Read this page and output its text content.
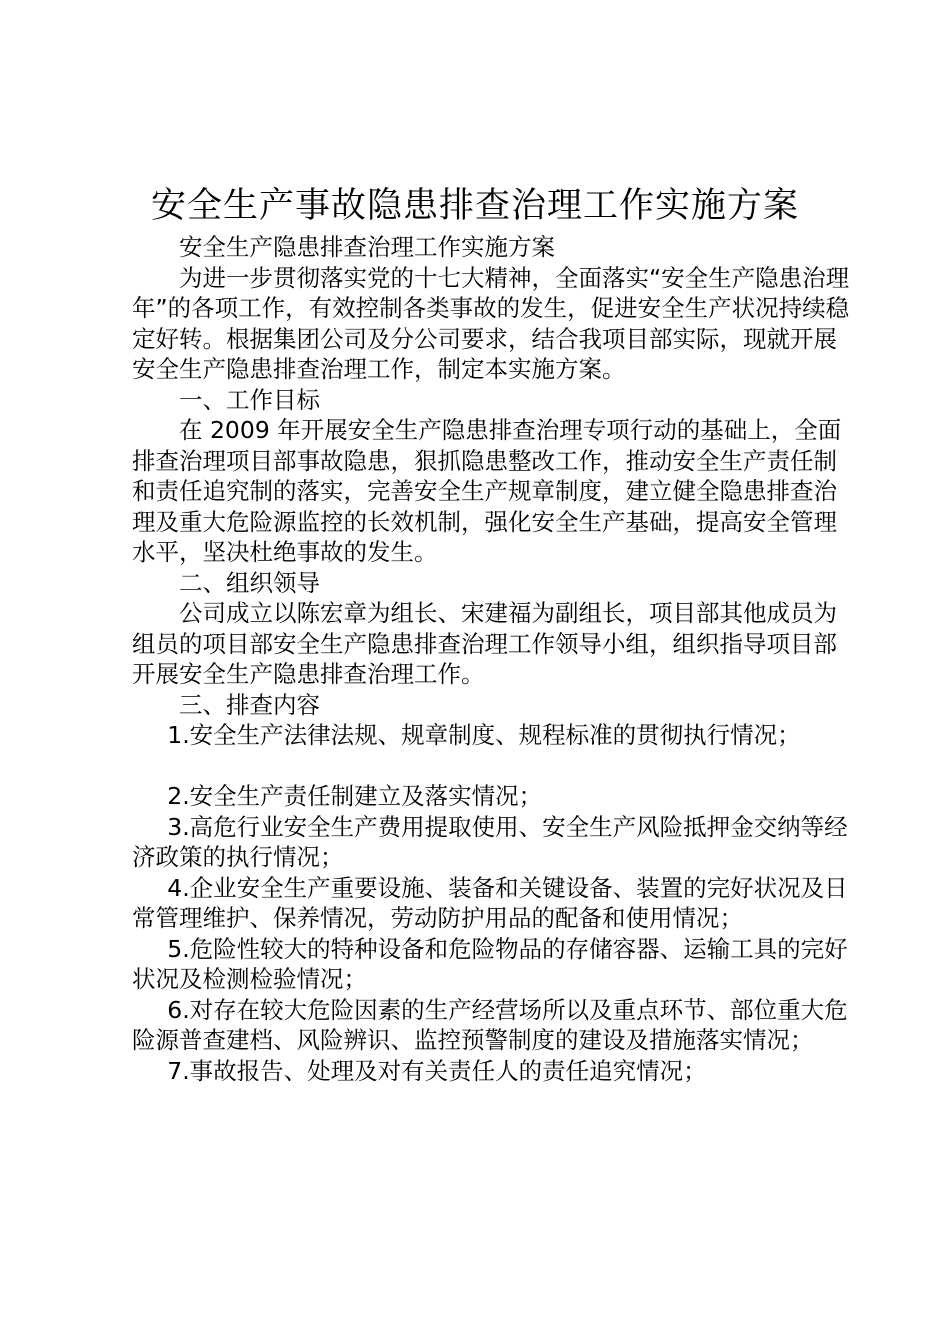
安全生产事故隐患排查治理工作实施方案

安全生产隐患排查治理工作实施方案

为进一步贯彻落实党的十七大精神，全面落实“安全生产隐患治理年”的各项工作，有效控制各类事故的发生，促进安全生产状况持续稳定好转。根据集团公司及分公司要求，结合我项目部实际，现就开展安全生产隐患排查治理工作，制定本实施方案。

一、工作目标

在 2009 年开展安全生产隐患排查治理专项行动的基础上，全面排查治理项目部事故隐患，狠抓隐患整改工作，推动安全生产责任制和责任追究制的落实，完善安全生产规章制度，建立健全隐患排查治理及重大危险源监控的长效机制，强化安全生产基础，提高安全管理水平，坚决杜绝事故的发生。

二、组织领导

公司成立以陈宏章为组长、宋建福为副组长，项目部其他成员为组员的项目部安全生产隐患排查治理工作领导小组，组织指导项目部开展安全生产隐患排查治理工作。

三、排查内容

1.安全生产法律法规、规章制度、规程标准的贯彻执行情况；

2.安全生产责任制建立及落实情况；

3.高危行业安全生产费用提取使用、安全生产风险抵押金交纳等经济政策的执行情况；

4.企业安全生产重要设施、装备和关键设备、装置的完好状况及日常管理维护、保养情况，劳动防护用品的配备和使用情况；

5.危险性较大的特种设备和危险物品的存储容器、运输工具的完好状况及检测检验情况；

6.对存在较大危险因素的生产经营场所以及重点环节、部位重大危险源普查建档、风险辨识、监控预警制度的建设及措施落实情况；

7.事故报告、处理及对有关责任人的责任追究情况；
